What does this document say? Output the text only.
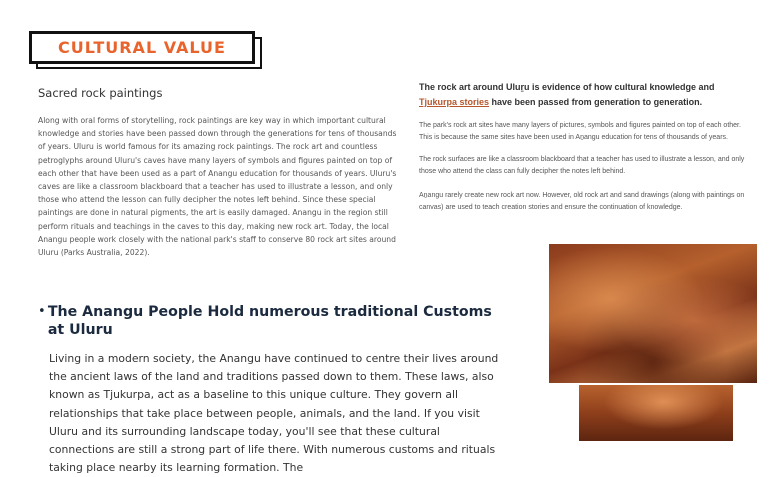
CULTURAL VALUE
Sacred rock paintings
Along with oral forms of storytelling, rock paintings are key way in which important cultural knowledge and stories have been passed down through the generations for tens of thousands of years. Uluru is world famous for its amazing rock paintings. The rock art and countless petroglyphs around Uluru's caves have many layers of symbols and figures painted on top of each other that have been used as a part of Anangu education for thousands of years. Uluru's caves are like a classroom blackboard that a teacher has used to illustrate a lesson, and only those who attend the lesson can fully decipher the notes left behind. Since these special paintings are done in natural pigments, the art is easily damaged. Anangu in the region still perform rituals and teachings in the caves to this day, making new rock art. Today, the local Anangu people work closely with the national park's staff to conserve 80 rock art sites around Uluru (Parks Australia, 2022).
The rock art around Uluṟu is evidence of how cultural knowledge and Tjukurpa stories have been passed from generation to generation.
The park's rock art sites have many layers of pictures, symbols and figures painted on top of each other. This is because the same sites have been used in Aṉangu education for tens of thousands of years.
The rock surfaces are like a classroom blackboard that a teacher has used to illustrate a lesson, and only those who attend the class can fully decipher the notes left behind.
Aṉangu rarely create new rock art now. However, old rock art and sand drawings (along with paintings on canvas) are used to teach creation stories and ensure the continuation of knowledge.
• The Anangu People Hold numerous traditional Customs at Uluru
Living in a modern society, the Anangu have continued to centre their lives around the ancient laws of the land and traditions passed down to them. These laws, also known as Tjukurpa, act as a baseline to this unique culture. They govern all relationships that take place between people, animals, and the land. If you visit Uluru and its surrounding landscape today, you'll see that these cultural connections are still a strong part of life there. With numerous customs and rituals taking place nearby its learning formation. The
